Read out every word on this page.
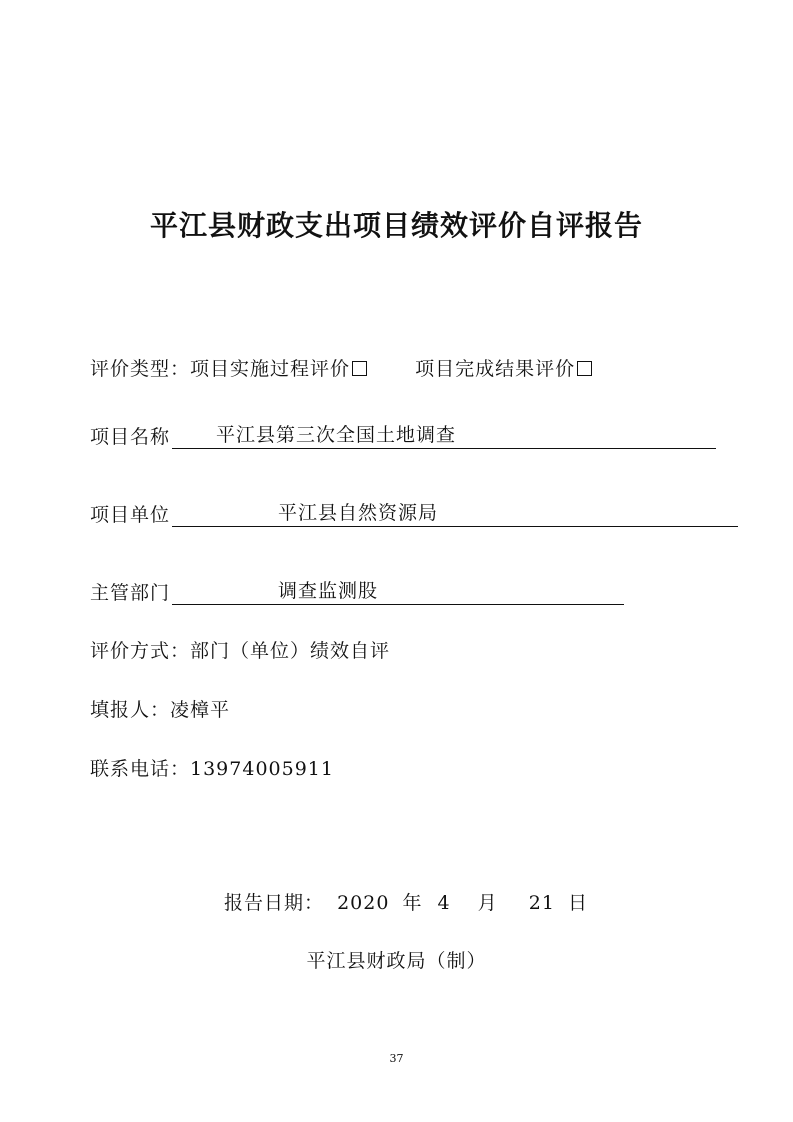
平江县财政支出项目绩效评价自评报告
评价类型：项目实施过程评价	项目完成结果评价
项目名称 平江县第三次全国土地调查
项目单位	平江县自然资源局
主管部门	调查监测股
评价方式：部门（单位）绩效自评
填报人：凌樟平
联系电话：13974005911
报告日期： 2020 年 4 月 21 日
平江县财政局（制）
37
